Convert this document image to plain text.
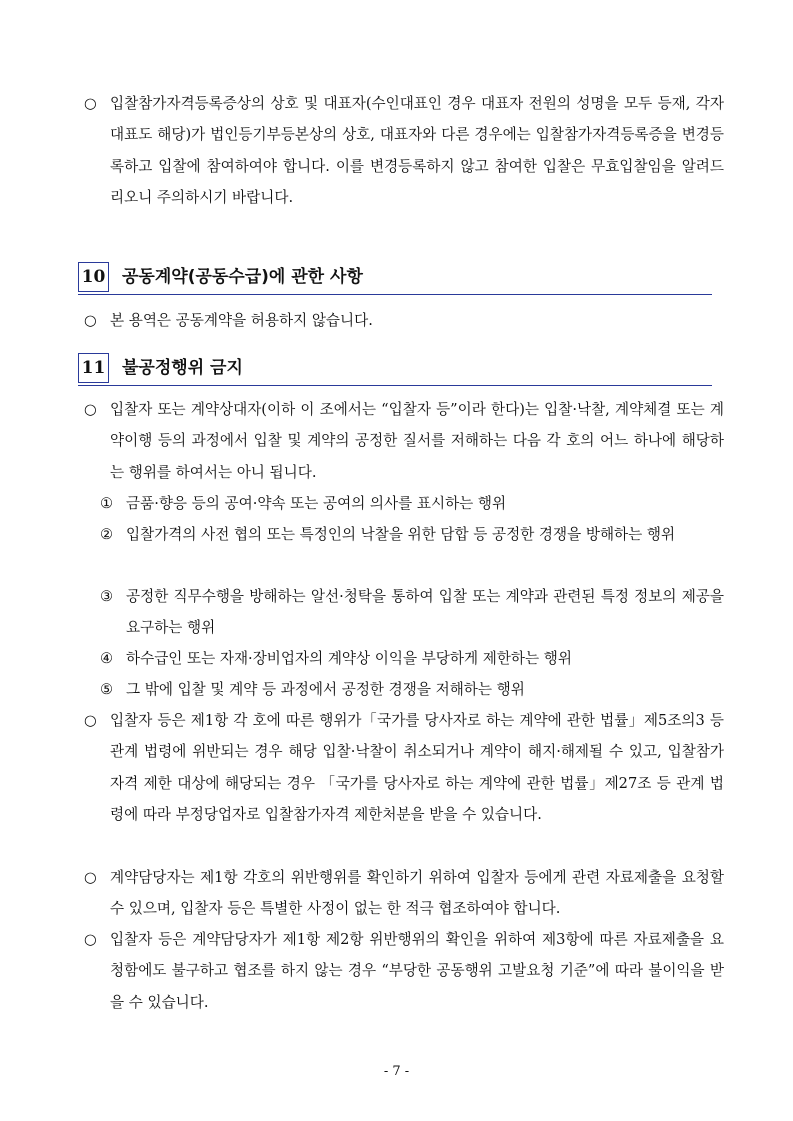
○ 입찰참가자격등록증상의 상호 및 대표자(수인대표인 경우 대표자 전원의 성명을 모두 등재, 각자 대표도 해당)가 법인등기부등본상의 상호, 대표자와 다른 경우에는 입찰참가자격등록증을 변경등록하고 입찰에 참여하여야 합니다. 이를 변경등록하지 않고 참여한 입찰은 무효입찰임을 알려드리오니 주의하시기 바랍니다.
10 공동계약(공동수급)에 관한 사항
○ 본 용역은 공동계약을 허용하지 않습니다.
11 불공정행위 금지
○ 입찰자 또는 계약상대자(이하 이 조에서는 “입찰자 등”이라 한다)는 입찰·낙찰, 계약체결 또는 계약이행 등의 과정에서 입찰 및 계약의 공정한 질서를 저해하는 다음 각 호의 어느 하나에 해당하는 행위를 하여서는 아니 됩니다.
① 금품·향응 등의 공여·약속 또는 공여의 의사를 표시하는 행위
② 입찰가격의 사전 협의 또는 특정인의 낙찰을 위한 담합 등 공정한 경쟁을 방해하는 행위
③ 공정한 직무수행을 방해하는 알선·청탁을 통하여 입찰 또는 계약과 관련된 특정 정보의 제공을 요구하는 행위
④ 하수급인 또는 자재·장비업자의 계약상 이익을 부당하게 제한하는 행위
⑤ 그 밖에 입찰 및 계약 등 과정에서 공정한 경쟁을 저해하는 행위
○ 입찰자 등은 제1항 각 호에 따른 행위가「국가를 당사자로 하는 계약에 관한 법률」제5조의3 등 관계 법령에 위반되는 경우 해당 입찰·낙찰이 취소되거나 계약이 해지·해제될 수 있고, 입찰참가자격 제한 대상에 해당되는 경우 「국가를 당사자로 하는 계약에 관한 법률」제27조 등 관계 법령에 따라 부정당업자로 입찰참가자격 제한처분을 받을 수 있습니다.
○ 계약담당자는 제1항 각호의 위반행위를 확인하기 위하여 입찰자 등에게 관련 자료제출을 요청할 수 있으며, 입찰자 등은 특별한 사정이 없는 한 적극 협조하여야 합니다.
○ 입찰자 등은 계약담당자가 제1항 제2항 위반행위의 확인을 위하여 제3항에 따른 자료제출을 요청함에도 불구하고 협조를 하지 않는 경우 “부당한 공동행위 고발요청 기준”에 따라 불이익을 받을 수 있습니다.
- 7 -
